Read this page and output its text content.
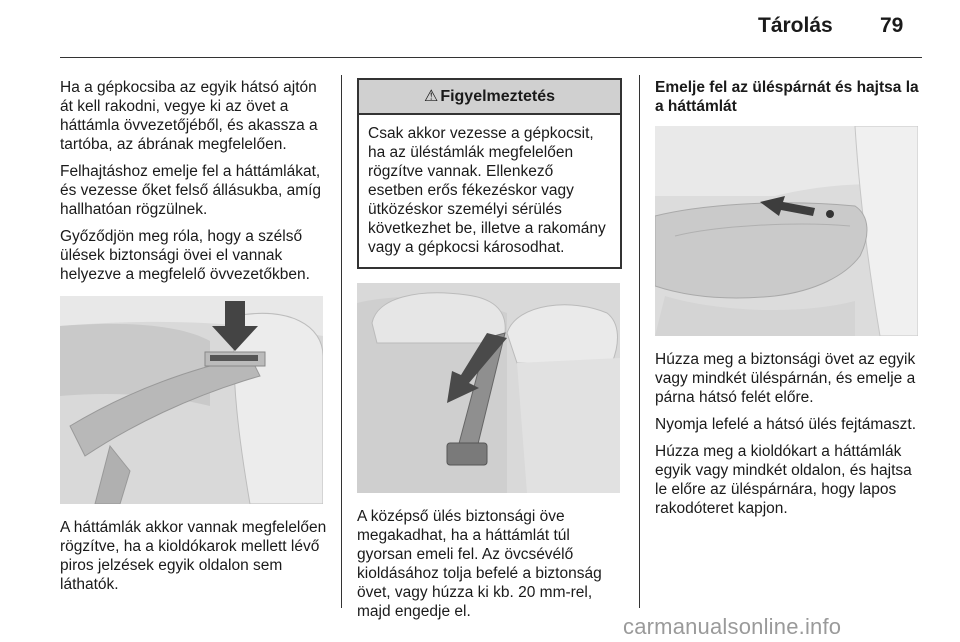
Tárolás 79

Ha a gépkocsiba az egyik hátsó ajtón át kell rakodni, vegye ki az övet a háttámla övvezetőjéből, és akassza a tartóba, az ábrának megfelelően.

Felhajtáshoz emelje fel a háttámlákat, és vezesse őket felső állásukba, amíg hallhatóan rögzülnek.

Győződjön meg róla, hogy a szélső ülések biztonsági övei el vannak helyezve a megfelelő övvezetőkben.

A háttámlák akkor vannak megfelelően rögzítve, ha a kioldókarok mellett lévő piros jelzések egyik oldalon sem láthatók.

⚠ Figyelmeztetés
Csak akkor vezesse a gépkocsit, ha az üléstámlák megfelelően rögzítve vannak. Ellenkező esetben erős fékezéskor vagy ütközéskor személyi sérülés következhet be, illetve a rakomány vagy a gépkocsi károsodhat.

A középső ülés biztonsági öve megakadhat, ha a háttámlát túl gyorsan emeli fel. Az övcsévélő kioldásához tolja befelé a biztonság övet, vagy húzza ki kb. 20 mm-rel, majd engedje el.

Emelje fel az üléspárnát és hajtsa la a háttámlát

Húzza meg a biztonsági övet az egyik vagy mindkét üléspárnán, és emelje a párna hátsó felét előre.

Nyomja lefelé a hátsó ülés fejtámaszt.

Húzza meg a kioldókart a háttámlák egyik vagy mindkét oldalon, és hajtsa le előre az üléspárnára, hogy lapos rakodóteret kapjon.

carmanualsonline.info
